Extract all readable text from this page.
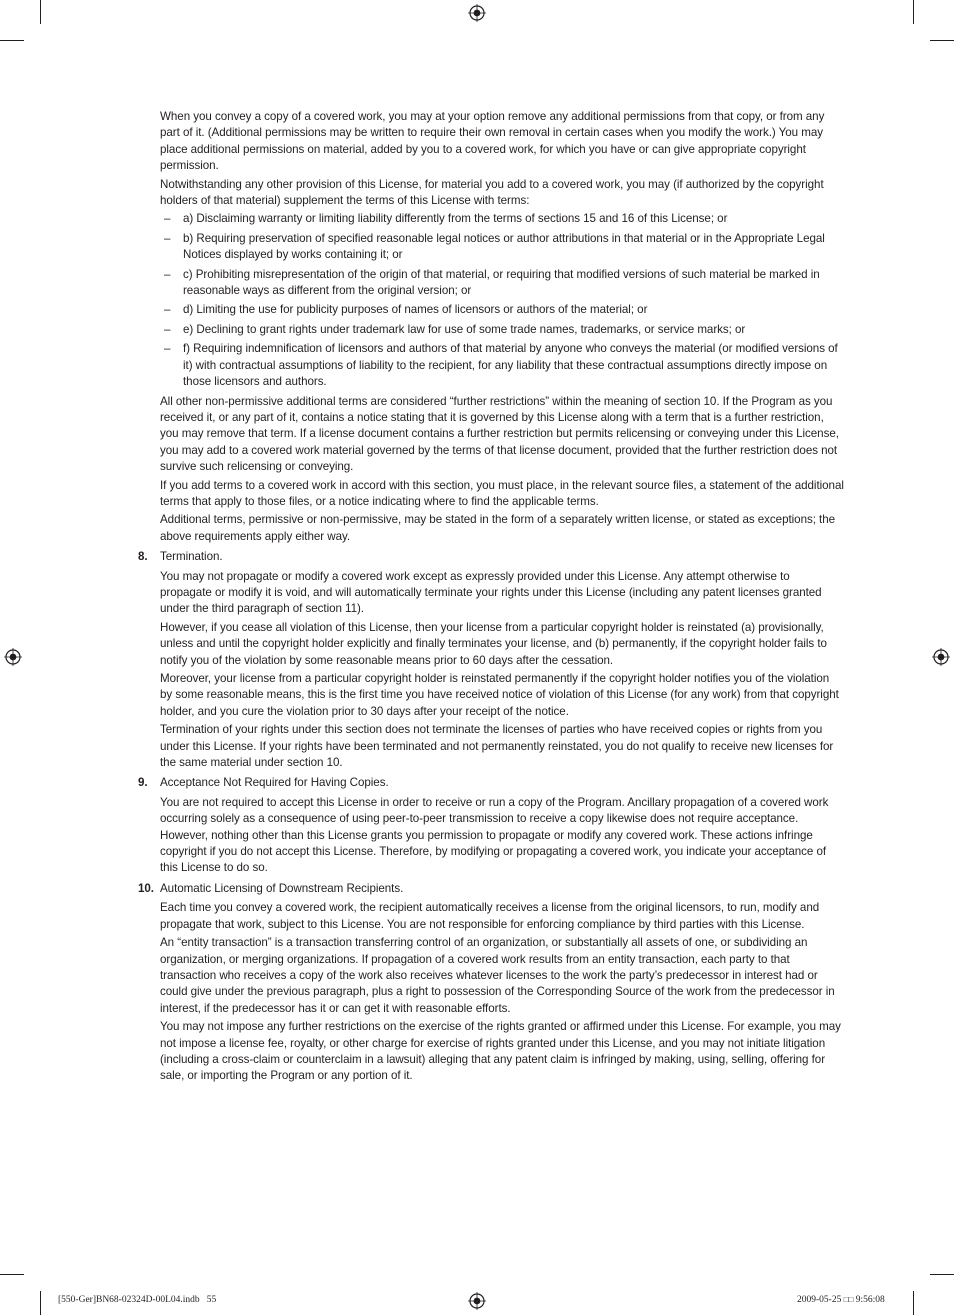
When you convey a copy of a covered work, you may at your option remove any additional permissions from that copy, or from any part of it. (Additional permissions may be written to require their own removal in certain cases when you modify the work.) You may place additional permissions on material, added by you to a covered work, for which you have or can give appropriate copyright permission.

Notwithstanding any other provision of this License, for material you add to a covered work, you may (if authorized by the copyright holders of that material) supplement the terms of this License with terms:

– a) Disclaiming warranty or limiting liability differently from the terms of sections 15 and 16 of this License; or
– b) Requiring preservation of specified reasonable legal notices or author attributions in that material or in the Appropriate Legal Notices displayed by works containing it; or
– c) Prohibiting misrepresentation of the origin of that material, or requiring that modified versions of such material be marked in reasonable ways as different from the original version; or
– d) Limiting the use for publicity purposes of names of licensors or authors of the material; or
– e) Declining to grant rights under trademark law for use of some trade names, trademarks, or service marks; or
– f) Requiring indemnification of licensors and authors of that material by anyone who conveys the material (or modified versions of it) with contractual assumptions of liability to the recipient, for any liability that these contractual assumptions directly impose on those licensors and authors.

All other non-permissive additional terms are considered “further restrictions” within the meaning of section 10. If the Program as you received it, or any part of it, contains a notice stating that it is governed by this License along with a term that is a further restriction, you may remove that term. If a license document contains a further restriction but permits relicensing or conveying under this License, you may add to a covered work material governed by the terms of that license document, provided that the further restriction does not survive such relicensing or conveying.

If you add terms to a covered work in accord with this section, you must place, in the relevant source files, a statement of the additional terms that apply to those files, or a notice indicating where to find the applicable terms.

Additional terms, permissive or non-permissive, may be stated in the form of a separately written license, or stated as exceptions; the above requirements apply either way.

8. Termination.

You may not propagate or modify a covered work except as expressly provided under this License. Any attempt otherwise to propagate or modify it is void, and will automatically terminate your rights under this License (including any patent licenses granted under the third paragraph of section 11).

However, if you cease all violation of this License, then your license from a particular copyright holder is reinstated (a) provisionally, unless and until the copyright holder explicitly and finally terminates your license, and (b) permanently, if the copyright holder fails to notify you of the violation by some reasonable means prior to 60 days after the cessation.

Moreover, your license from a particular copyright holder is reinstated permanently if the copyright holder notifies you of the violation by some reasonable means, this is the first time you have received notice of violation of this License (for any work) from that copyright holder, and you cure the violation prior to 30 days after your receipt of the notice.

Termination of your rights under this section does not terminate the licenses of parties who have received copies or rights from you under this License. If your rights have been terminated and not permanently reinstated, you do not qualify to receive new licenses for the same material under section 10.

9. Acceptance Not Required for Having Copies.

You are not required to accept this License in order to receive or run a copy of the Program. Ancillary propagation of a covered work occurring solely as a consequence of using peer-to-peer transmission to receive a copy likewise does not require acceptance. However, nothing other than this License grants you permission to propagate or modify any covered work. These actions infringe copyright if you do not accept this License. Therefore, by modifying or propagating a covered work, you indicate your acceptance of this License to do so.

10. Automatic Licensing of Downstream Recipients.

Each time you convey a covered work, the recipient automatically receives a license from the original licensors, to run, modify and propagate that work, subject to this License. You are not responsible for enforcing compliance by third parties with this License.

An “entity transaction” is a transaction transferring control of an organization, or substantially all assets of one, or subdividing an organization, or merging organizations. If propagation of a covered work results from an entity transaction, each party to that transaction who receives a copy of the work also receives whatever licenses to the work the party’s predecessor in interest had or could give under the previous paragraph, plus a right to possession of the Corresponding Source of the work from the predecessor in interest, if the predecessor has it or can get it with reasonable efforts.

You may not impose any further restrictions on the exercise of the rights granted or affirmed under this License. For example, you may not impose a license fee, royalty, or other charge for exercise of rights granted under this License, and you may not initiate litigation (including a cross-claim or counterclaim in a lawsuit) alleging that any patent claim is infringed by making, using, selling, offering for sale, or importing the Program or any portion of it.

[550-Ger]BN68-02324D-00L04.indb   55	2009-05-25 □□ 9:56:08
